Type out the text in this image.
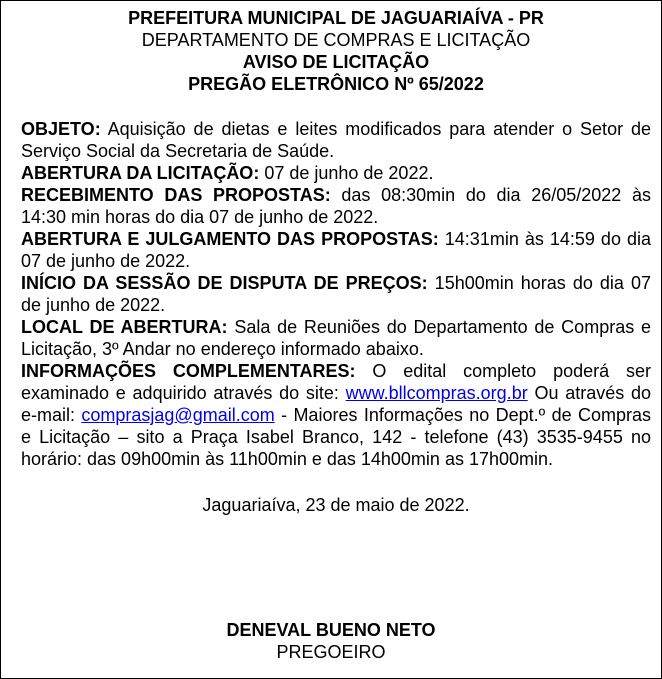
PREFEITURA MUNICIPAL DE JAGUARIAÍVA - PR
DEPARTAMENTO DE COMPRAS E LICITAÇÃO
AVISO DE LICITAÇÃO
PREGÃO ELETRÔNICO Nº 65/2022

OBJETO: Aquisição de dietas e leites modificados para atender o Setor de Serviço Social da Secretaria de Saúde.

ABERTURA DA LICITAÇÃO: 07 de junho de 2022.

RECEBIMENTO DAS PROPOSTAS: das 08:30min do dia 26/05/2022 às 14:30 min horas do dia 07 de junho de 2022.

ABERTURA E JULGAMENTO DAS PROPOSTAS: 14:31min às 14:59 do dia 07 de junho de 2022.

INÍCIO DA SESSÃO DE DISPUTA DE PREÇOS: 15h00min horas do dia 07 de junho de 2022.

LOCAL DE ABERTURA: Sala de Reuniões do Departamento de Compras e Licitação, 3º Andar no endereço informado abaixo.

INFORMAÇÕES COMPLEMENTARES: O edital completo poderá ser examinado e adquirido através do site: www.bllcompras.org.br Ou através do e-mail: comprasjag@gmail.com - Maiores Informações no Dept.º de Compras e Licitação – sito a Praça Isabel Branco, 142 - telefone (43) 3535-9455 no horário: das 09h00min às 11h00min e das 14h00min as 17h00min.

Jaguariaíva, 23 de maio de 2022.
DENEVAL BUENO NETO
PREGOEIRO
